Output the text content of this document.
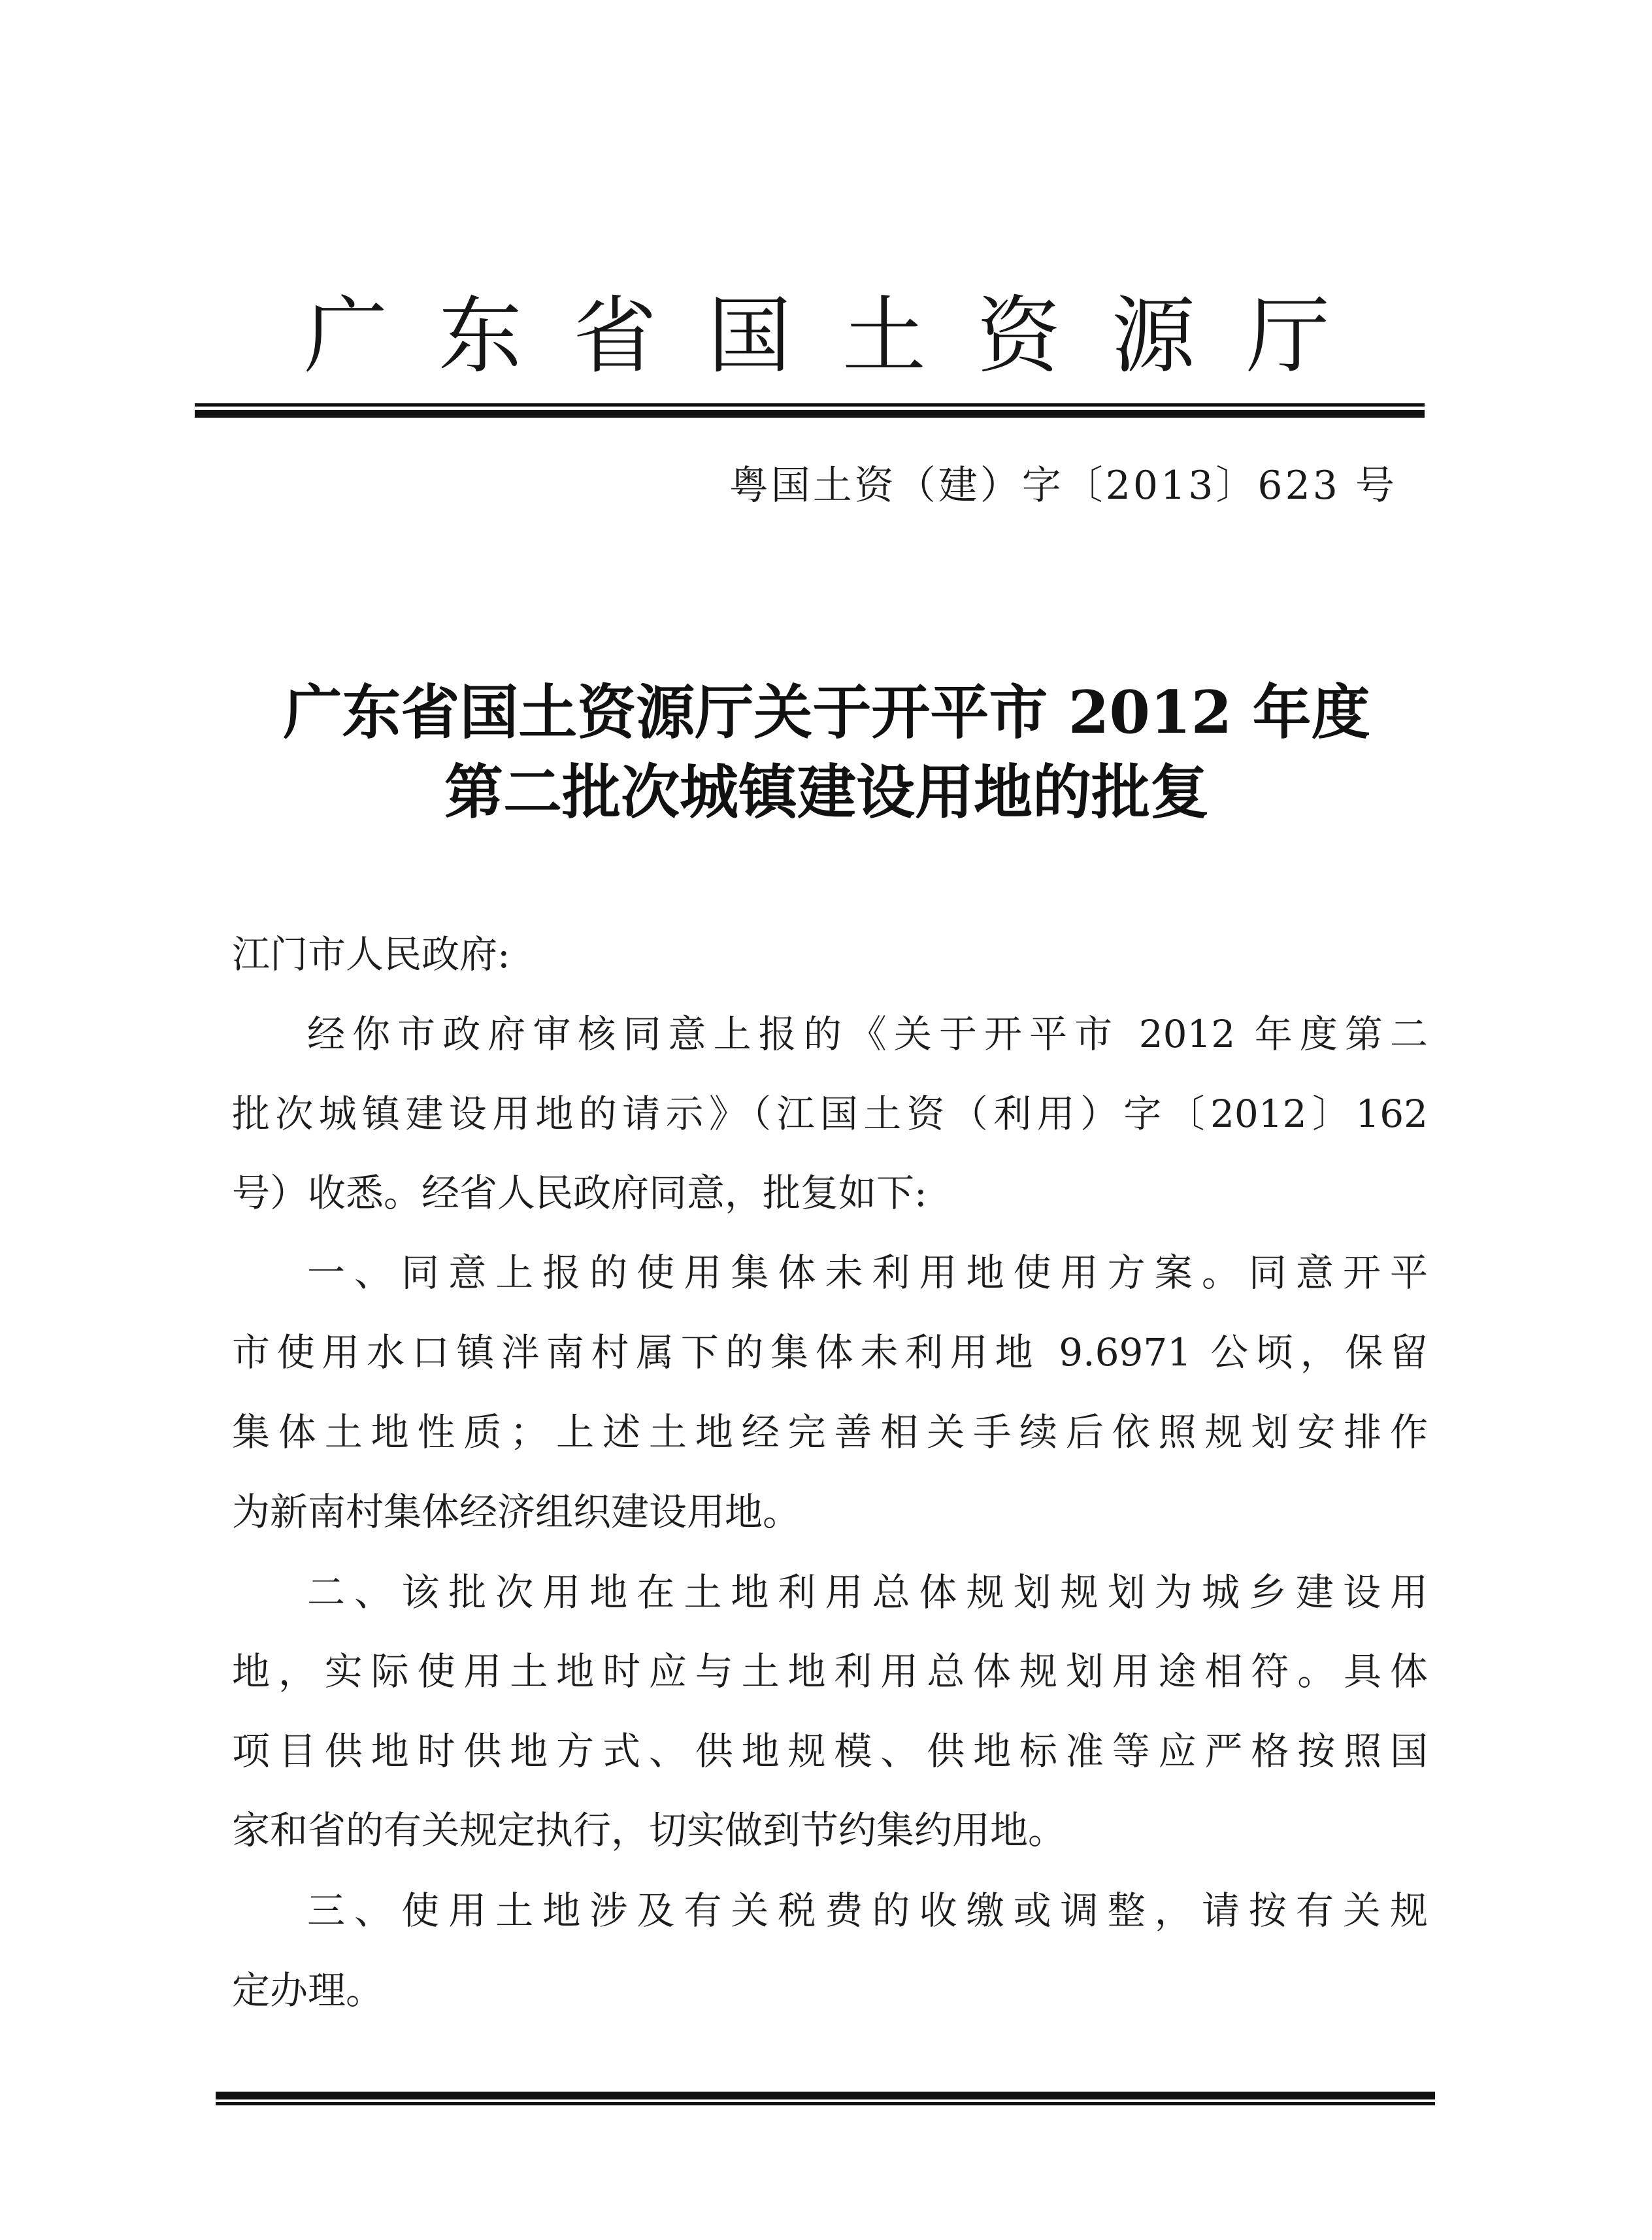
广 东 省 国 土 资 源 厅
粤国土资（建）字〔2013〕623 号
广东省国土资源厅关于开平市 2012 年度
第二批次城镇建设用地的批复

江门市人民政府:

经你市政府审核同意上报的《关于开平市 2012 年度第二

批次城镇建设用地的请示》（江国土资（利用）字〔2012〕162

号）收悉。经省人民政府同意，批复如下:

一、同意上报的使用集体未利用地使用方案。同意开平

市使用水口镇泮南村属下的集体未利用地 9.6971 公顷，保留

集体土地性质；上述土地经完善相关手续后依照规划安排作

为新南村集体经济组织建设用地。

二、该批次用地在土地利用总体规划规划为城乡建设用

地，实际使用土地时应与土地利用总体规划用途相符。具体

项目供地时供地方式、供地规模、供地标准等应严格按照国

家和省的有关规定执行，切实做到节约集约用地。

三、使用土地涉及有关税费的收缴或调整，请按有关规

定办理。
